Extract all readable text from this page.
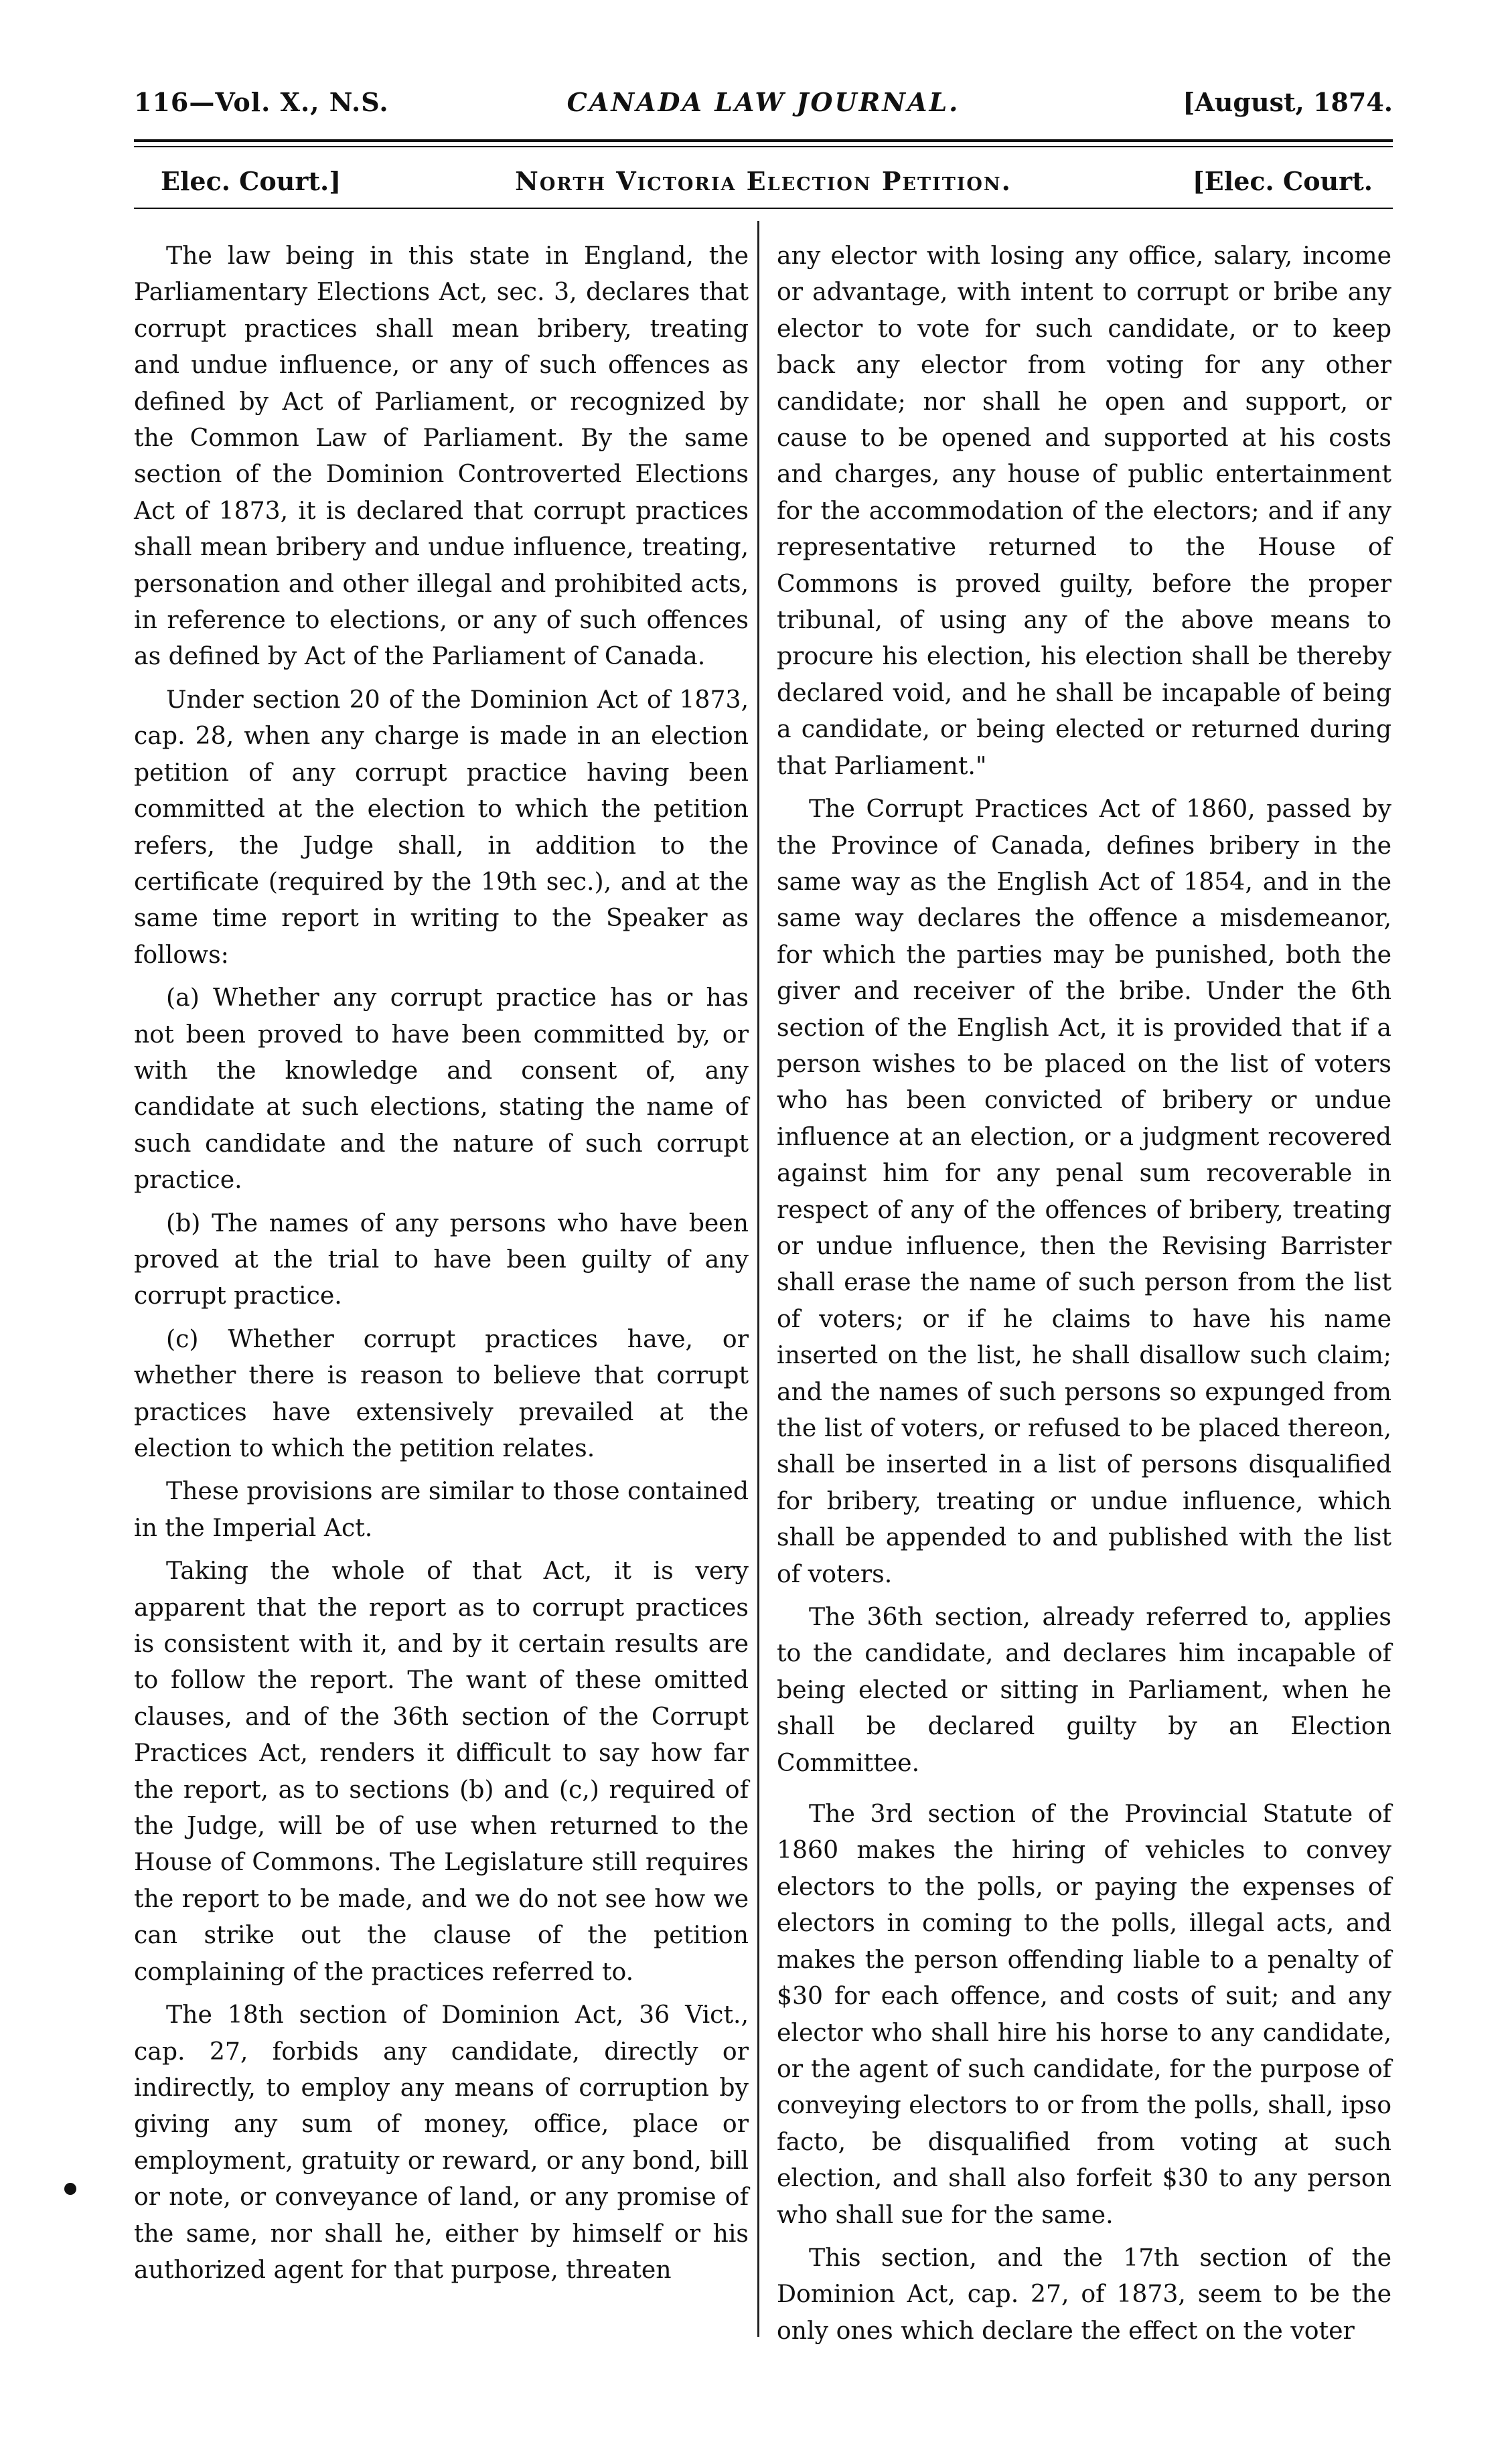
116—Vol. X., N.S.	CANADA LAW JOURNAL.	[August, 1874.
Elec. Court.]	North Victoria Election Petition.	[Elec. Court.

The law being in this state in England, the Parliamentary Elections Act, sec. 3, declares that corrupt practices shall mean bribery, treating and undue influence, or any of such offences as defined by Act of Parliament, or recognized by the Common Law of Parliament. By the same section of the Dominion Controverted Elections Act of 1873, it is declared that corrupt practices shall mean bribery and undue influence, treating, personation and other illegal and prohibited acts, in reference to elections, or any of such offences as defined by Act of the Parliament of Canada.

Under section 20 of the Dominion Act of 1873, cap. 28, when any charge is made in an election petition of any corrupt practice having been committed at the election to which the petition refers, the Judge shall, in addition to the certificate (required by the 19th sec.), and at the same time report in writing to the Speaker as follows:

(a) Whether any corrupt practice has or has not been proved to have been committed by, or with the knowledge and consent of, any candidate at such elections, stating the name of such candidate and the nature of such corrupt practice.

(b) The names of any persons who have been proved at the trial to have been guilty of any corrupt practice.

(c) Whether corrupt practices have, or whether there is reason to believe that corrupt practices have extensively prevailed at the election to which the petition relates.

These provisions are similar to those contained in the Imperial Act.

Taking the whole of that Act, it is very apparent that the report as to corrupt practices is consistent with it, and by it certain results are to follow the report. The want of these omitted clauses, and of the 36th section of the Corrupt Practices Act, renders it difficult to say how far the report, as to sections (b) and (c,) required of the Judge, will be of use when returned to the House of Commons. The Legislature still requires the report to be made, and we do not see how we can strike out the clause of the petition complaining of the practices referred to.

The 18th section of Dominion Act, 36 Vict., cap. 27, forbids any candidate, directly or indirectly, to employ any means of corruption by giving any sum of money, office, place or employment, gratuity or reward, or any bond, bill or note, or conveyance of land, or any promise of the same, nor shall he, either by himself or his authorized agent for that purpose, threaten

any elector with losing any office, salary, income or advantage, with intent to corrupt or bribe any elector to vote for such candidate, or to keep back any elector from voting for any other candidate; nor shall he open and support, or cause to be opened and supported at his costs and charges, any house of public entertainment for the accommodation of the electors; and if any representative returned to the House of Commons is proved guilty, before the proper tribunal, of using any of the above means to procure his election, his election shall be thereby declared void, and he shall be incapable of being a candidate, or being elected or returned during that Parliament."

The Corrupt Practices Act of 1860, passed by the Province of Canada, defines bribery in the same way as the English Act of 1854, and in the same way declares the offence a misdemeanor, for which the parties may be punished, both the giver and receiver of the bribe. Under the 6th section of the English Act, it is provided that if a person wishes to be placed on the list of voters who has been convicted of bribery or undue influence at an election, or a judgment recovered against him for any penal sum recoverable in respect of any of the offences of bribery, treating or undue influence, then the Revising Barrister shall erase the name of such person from the list of voters; or if he claims to have his name inserted on the list, he shall disallow such claim; and the names of such persons so expunged from the list of voters, or refused to be placed thereon, shall be inserted in a list of persons disqualified for bribery, treating or undue influence, which shall be appended to and published with the list of voters.

The 36th section, already referred to, applies to the candidate, and declares him incapable of being elected or sitting in Parliament, when he shall be declared guilty by an Election Committee.

The 3rd section of the Provincial Statute of 1860 makes the hiring of vehicles to convey electors to the polls, or paying the expenses of electors in coming to the polls, illegal acts, and makes the person offending liable to a penalty of $30 for each offence, and costs of suit; and any elector who shall hire his horse to any candidate, or the agent of such candidate, for the purpose of conveying electors to or from the polls, shall, ipso facto, be disqualified from voting at such election, and shall also forfeit $30 to any person who shall sue for the same.

This section, and the 17th section of the Dominion Act, cap. 27, of 1873, seem to be the only ones which declare the effect on the voter
